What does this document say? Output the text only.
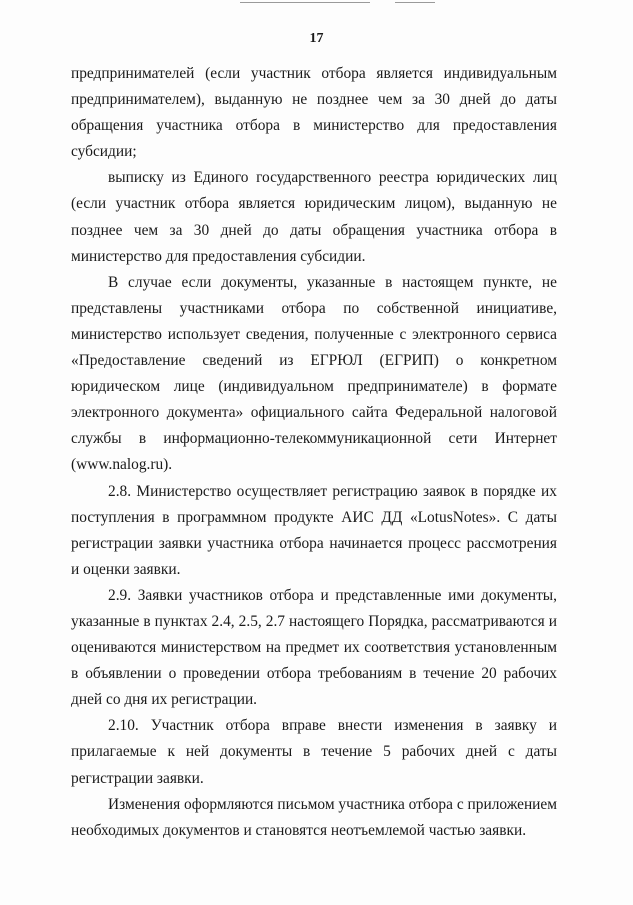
17

предпринимателей (если участник отбора является индивидуальным предпринимателем), выданную не позднее чем за 30 дней до даты обращения участника отбора в министерство для предоставления субсидии;

выписку из Единого государственного реестра юридических лиц (если участник отбора является юридическим лицом), выданную не позднее чем за 30 дней до даты обращения участника отбора в министерство для предоставления субсидии.

В случае если документы, указанные в настоящем пункте, не представлены участниками отбора по собственной инициативе, министерство использует сведения, полученные с электронного сервиса «Предоставление сведений из ЕГРЮЛ (ЕГРИП) о конкретном юридическом лице (индивидуальном предпринимателе) в формате электронного документа» официального сайта Федеральной налоговой службы в информационно-телекоммуникационной сети Интернет (www.nalog.ru).

2.8. Министерство осуществляет регистрацию заявок в порядке их поступления в программном продукте АИС ДД «LotusNotes». С даты регистрации заявки участника отбора начинается процесс рассмотрения и оценки заявки.

2.9. Заявки участников отбора и представленные ими документы, указанные в пунктах 2.4, 2.5, 2.7 настоящего Порядка, рассматриваются и оцениваются министерством на предмет их соответствия установленным в объявлении о проведении отбора требованиям в течение 20 рабочих дней со дня их регистрации.

2.10. Участник отбора вправе внести изменения в заявку и прилагаемые к ней документы в течение 5 рабочих дней с даты регистрации заявки.

Изменения оформляются письмом участника отбора с приложением необходимых документов и становятся неотъемлемой частью заявки.
